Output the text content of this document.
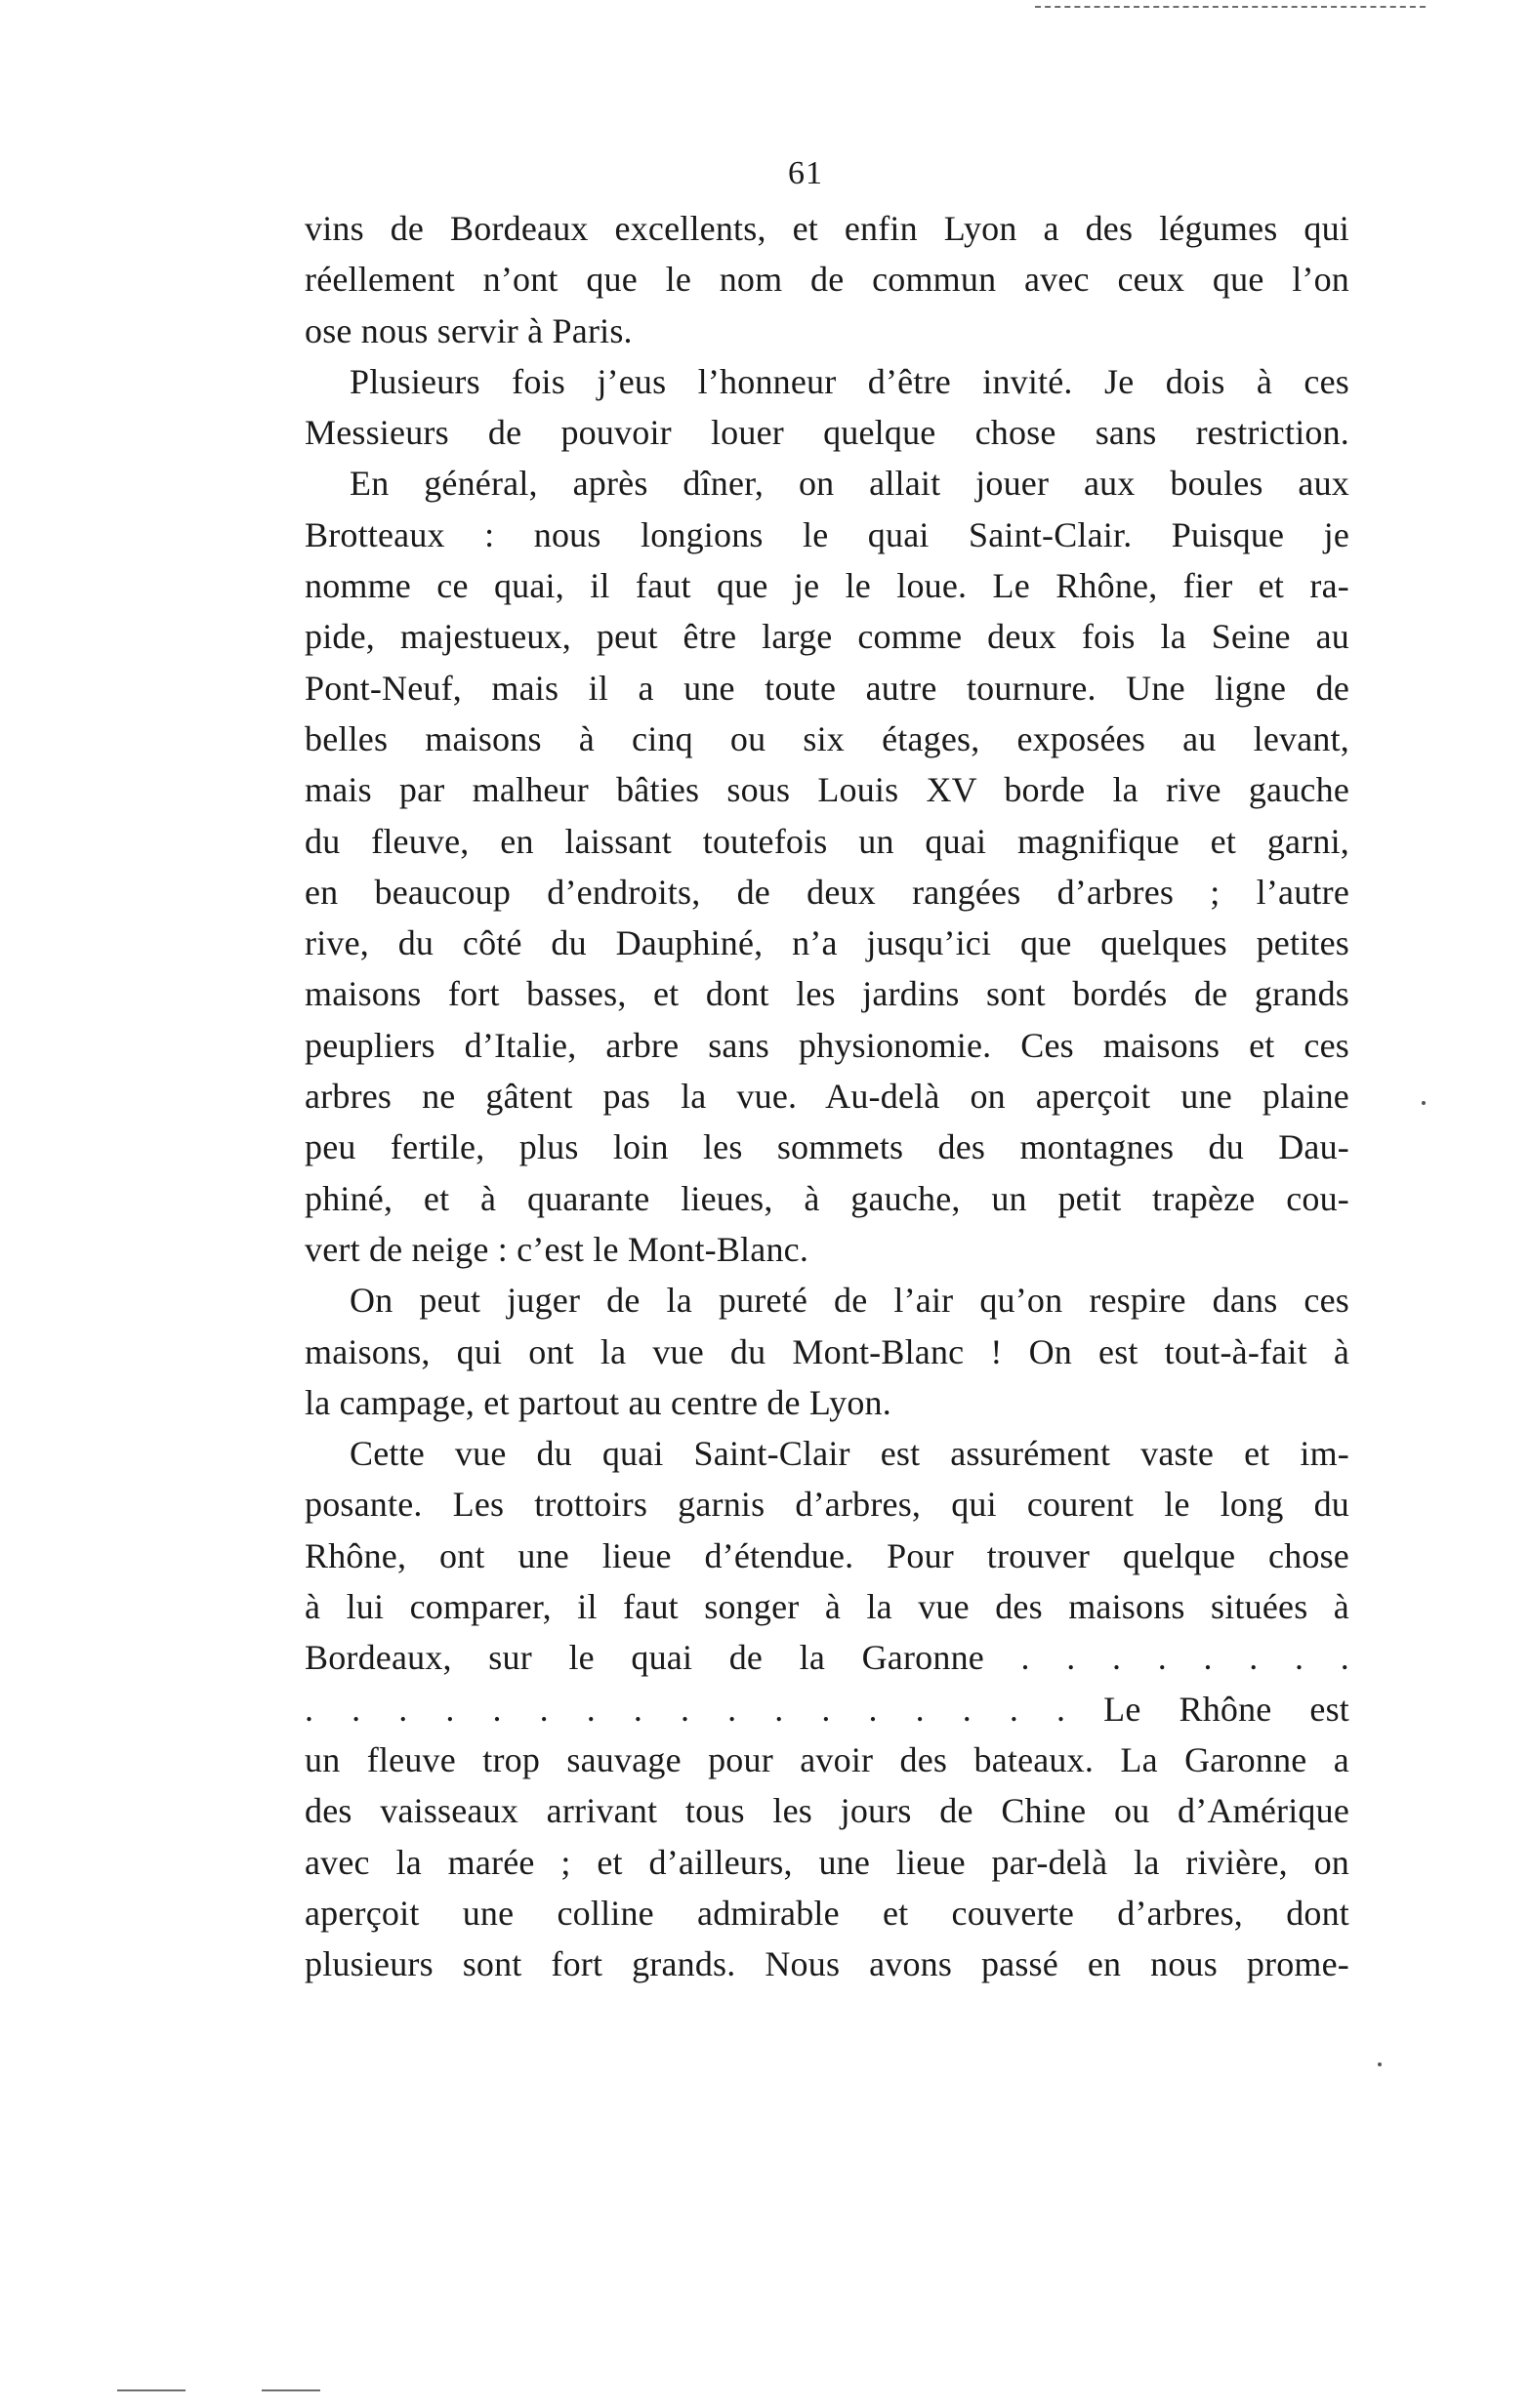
61
vins de Bordeaux excellents, et enfin Lyon a des légumes qui
réellement n’ont que le nom de commun avec ceux que l’on
ose nous servir à Paris.
Plusieurs fois j’eus l’honneur d’être invité. Je dois à ces
Messieurs de pouvoir louer quelque chose sans restriction.
En général, après dîner, on allait jouer aux boules aux
Brotteaux : nous longions le quai Saint-Clair. Puisque je
nomme ce quai, il faut que je le loue. Le Rhône, fier et ra-
pide, majestueux, peut être large comme deux fois la Seine au
Pont-Neuf, mais il a une toute autre tournure. Une ligne de
belles maisons à cinq ou six étages, exposées au levant,
mais par malheur bâties sous Louis XV borde la rive gauche
du fleuve, en laissant toutefois un quai magnifique et garni,
en beaucoup d’endroits, de deux rangées d’arbres ; l’autre
rive, du côté du Dauphiné, n’a jusqu’ici que quelques petites
maisons fort basses, et dont les jardins sont bordés de grands
peupliers d’Italie, arbre sans physionomie. Ces maisons et ces
arbres ne gâtent pas la vue. Au-delà on aperçoit une plaine
peu fertile, plus loin les sommets des montagnes du Dau-
phiné, et à quarante lieues, à gauche, un petit trapèze cou-
vert de neige : c’est le Mont-Blanc.
On peut juger de la pureté de l’air qu’on respire dans ces
maisons, qui ont la vue du Mont-Blanc ! On est tout-à-fait à
la campage, et partout au centre de Lyon.
Cette vue du quai Saint-Clair est assurément vaste et im-
posante. Les trottoirs garnis d’arbres, qui courent le long du
Rhône, ont une lieue d’étendue. Pour trouver quelque chose
à lui comparer, il faut songer à la vue des maisons situées à
Bordeaux, sur le quai de la Garonne . . . . . . . .
. . . . . . . . . . . . . . . . . Le Rhône est
un fleuve trop sauvage pour avoir des bateaux. La Garonne a
des vaisseaux arrivant tous les jours de Chine ou d’Amérique
avec la marée ; et d’ailleurs, une lieue par-delà la rivière, on
aperçoit une colline admirable et couverte d’arbres, dont
plusieurs sont fort grands. Nous avons passé en nous prome-
